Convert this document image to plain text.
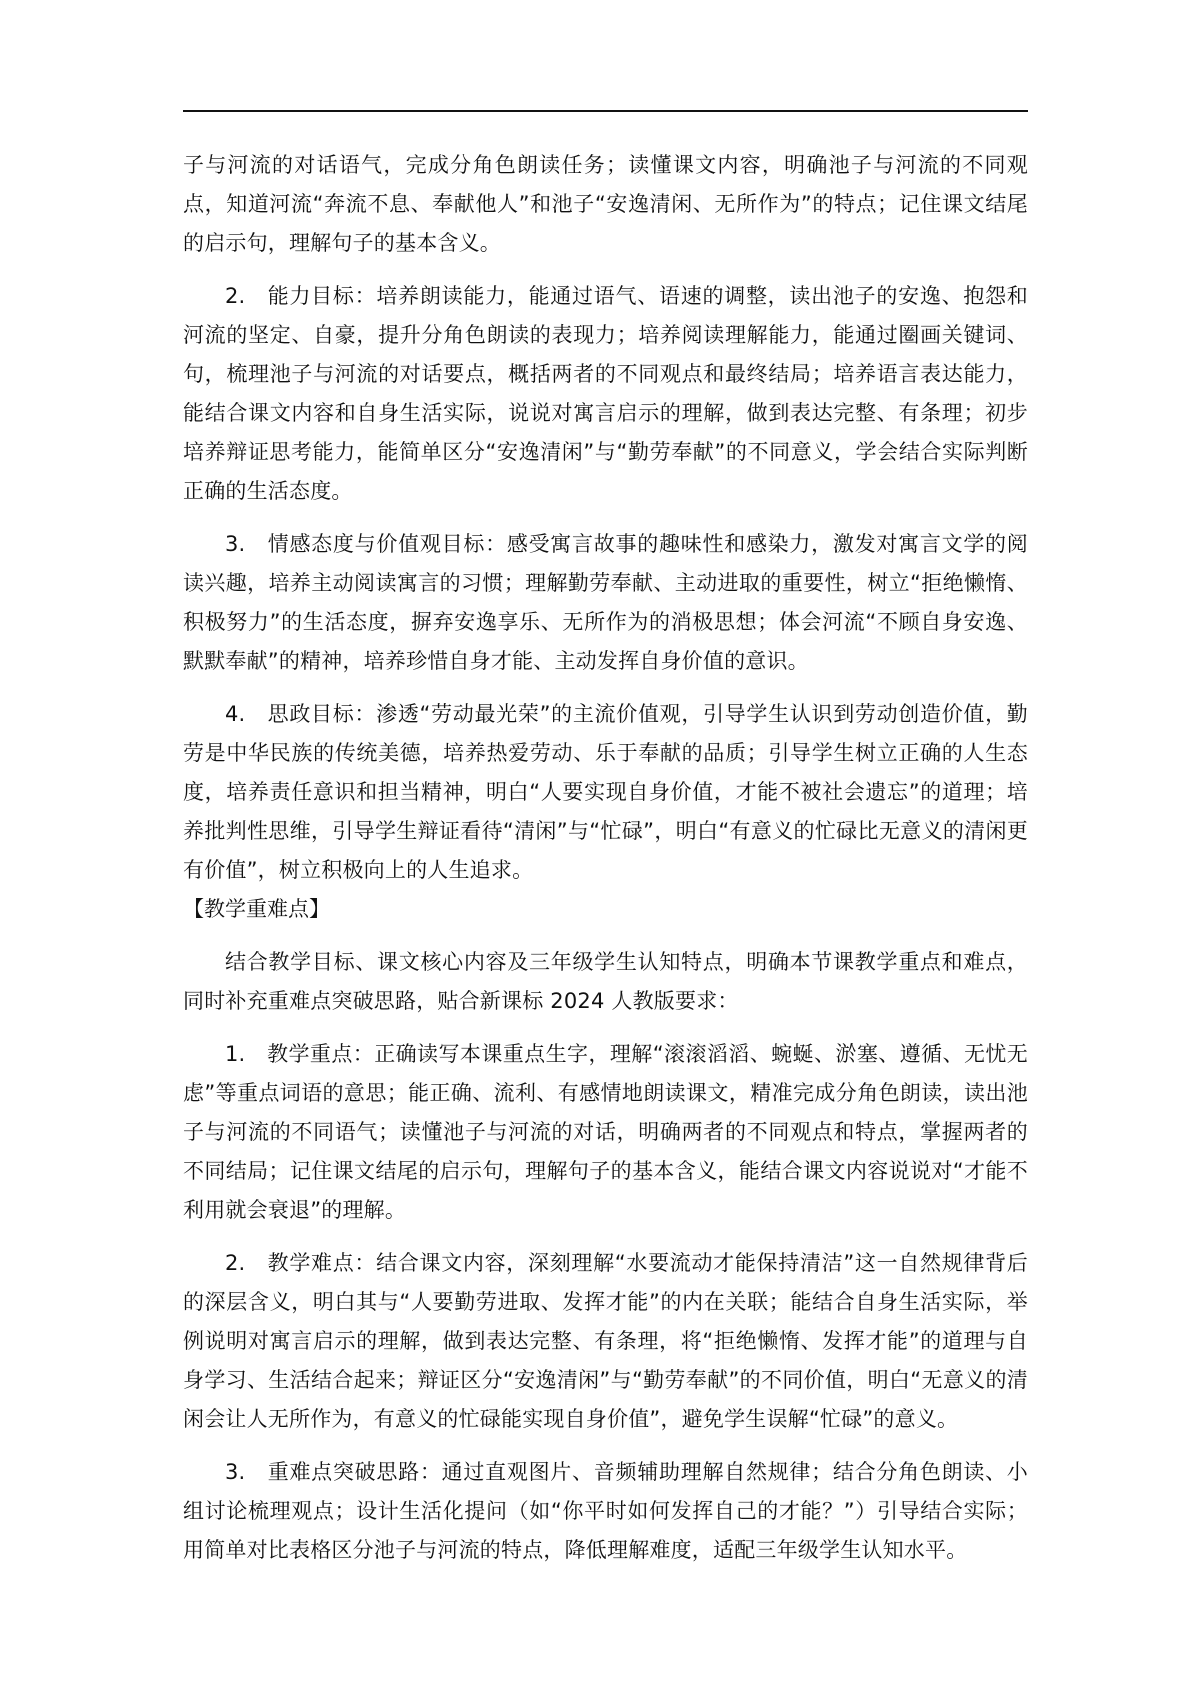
子与河流的对话语气，完成分角色朗读任务；读懂课文内容，明确池子与河流的不同观点，知道河流“奔流不息、奉献他人”和池子“安逸清闲、无所作为”的特点；记住课文结尾的启示句，理解句子的基本含义。

2.　能力目标：培养朗读能力，能通过语气、语速的调整，读出池子的安逸、抱怨和河流的坚定、自豪，提升分角色朗读的表现力；培养阅读理解能力，能通过圈画关键词、句，梳理池子与河流的对话要点，概括两者的不同观点和最终结局；培养语言表达能力，能结合课文内容和自身生活实际，说说对寓言启示的理解，做到表达完整、有条理；初步培养辩证思考能力，能简单区分“安逸清闲”与“勤劳奉献”的不同意义，学会结合实际判断正确的生活态度。

3.　情感态度与价值观目标：感受寓言故事的趣味性和感染力，激发对寓言文学的阅读兴趣，培养主动阅读寓言的习惯；理解勤劳奉献、主动进取的重要性，树立“拒绝懒惰、积极努力”的生活态度，摒弃安逸享乐、无所作为的消极思想；体会河流“不顾自身安逸、默默奉献”的精神，培养珍惜自身才能、主动发挥自身价值的意识。

4.　思政目标：渗透“劳动最光荣”的主流价值观，引导学生认识到劳动创造价值，勤劳是中华民族的传统美德，培养热爱劳动、乐于奉献的品质；引导学生树立正确的人生态度，培养责任意识和担当精神，明白“人要实现自身价值，才能不被社会遗忘”的道理；培养批判性思维，引导学生辩证看待“清闲”与“忙碌”，明白“有意义的忙碌比无意义的清闲更有价值”，树立积极向上的人生追求。

【教学重难点】

结合教学目标、课文核心内容及三年级学生认知特点，明确本节课教学重点和难点，同时补充重难点突破思路，贴合新课标 2024 人教版要求：

1.　教学重点：正确读写本课重点生字，理解“滚滚滔滔、蜿蜒、淤塞、遵循、无忧无虑”等重点词语的意思；能正确、流利、有感情地朗读课文，精准完成分角色朗读，读出池子与河流的不同语气；读懂池子与河流的对话，明确两者的不同观点和特点，掌握两者的不同结局；记住课文结尾的启示句，理解句子的基本含义，能结合课文内容说说对“才能不利用就会衰退”的理解。

2.　教学难点：结合课文内容，深刻理解“水要流动才能保持清洁”这一自然规律背后的深层含义，明白其与“人要勤劳进取、发挥才能”的内在关联；能结合自身生活实际，举例说明对寓言启示的理解，做到表达完整、有条理，将“拒绝懒惰、发挥才能”的道理与自身学习、生活结合起来；辩证区分“安逸清闲”与“勤劳奉献”的不同价值，明白“无意义的清闲会让人无所作为，有意义的忙碌能实现自身价值”，避免学生误解“忙碌”的意义。

3.　重难点突破思路：通过直观图片、音频辅助理解自然规律；结合分角色朗读、小组讨论梳理观点；设计生活化提问（如“你平时如何发挥自己的才能？”）引导结合实际；用简单对比表格区分池子与河流的特点，降低理解难度，适配三年级学生认知水平。
